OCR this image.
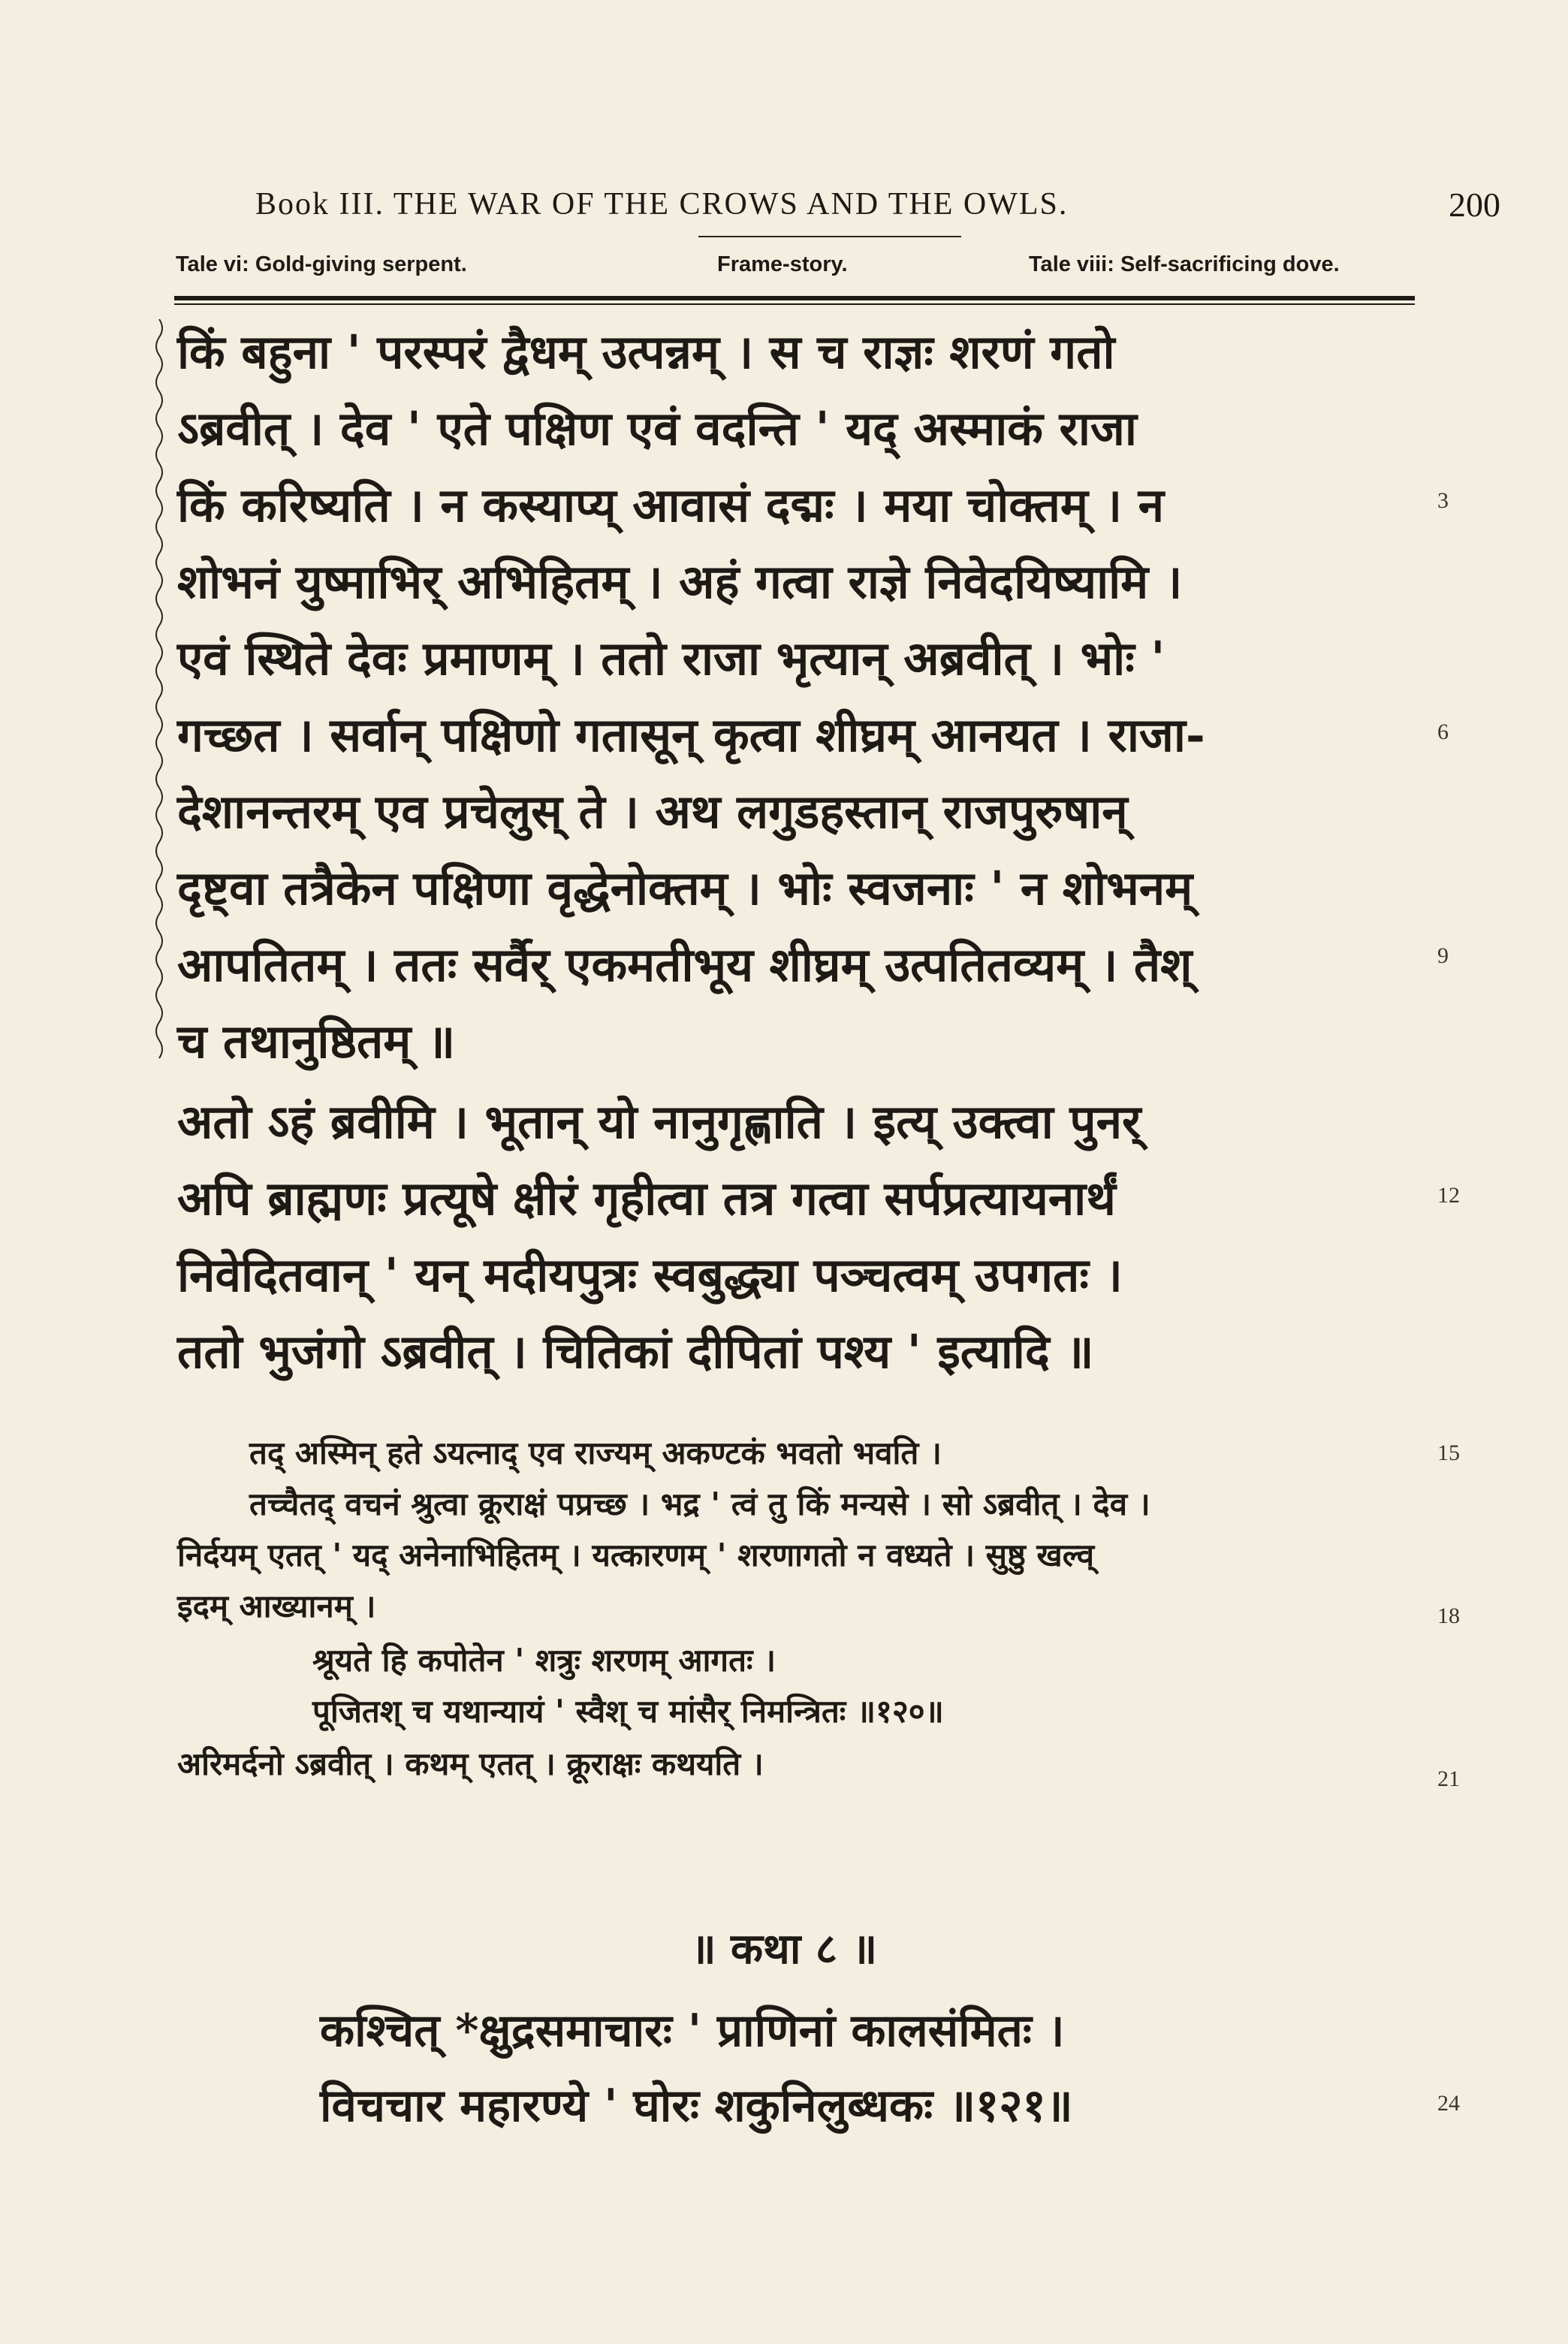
Book III. THE WAR OF THE CROWS AND THE OWLS.	200
Tale vi: Gold-giving serpent.	Frame-story.	Tale viii: Self-sacrificing dove.
किं बहुना ' परस्परं द्वैधम् उत्पन्नम् । स च राज्ञः शरणं गतो
ऽब्रवीत् । देव ' एते पक्षिण एवं वदन्ति ' यद् अस्माकं राजा
किं करिष्यति । न कस्याप्य् आवासं दद्मः । मया चोक्तम् । न
शोभनं युष्माभिर् अभिहितम् । अहं गत्वा राज्ञे निवेदयिष्यामि ।
एवं स्थिते देवः प्रमाणम् । ततो राजा भृत्यान् अब्रवीत् । भोः '
गच्छत । सर्वान् पक्षिणो गतासून् कृत्वा शीघ्रम् आनयत । राजा-
देशानन्तरम् एव प्रचेलुस् ते । अथ लगुडहस्तान् राजपुरुषान्
दृष्ट्वा तत्रैकेन पक्षिणा वृद्धेनोक्तम् । भोः स्वजनाः ' न शोभनम्
आपतितम् । ततः सर्वैर् एकमतीभूय शीघ्रम् उत्पतितव्यम् । तैश्
च तथानुष्ठितम् ॥
अतो ऽहं ब्रवीमि । भूतान् यो नानुगृह्णाति । इत्य् उक्त्वा पुनर्
अपि ब्राह्मणः प्रत्यूषे क्षीरं गृहीत्वा तत्र गत्वा सर्पप्रत्यायनार्थं
निवेदितवान् ' यन् मदीयपुत्रः स्वबुद्ध्या पञ्चत्वम् उपगतः ।
ततो भुजंगो ऽब्रवीत् । चितिकां दीपितां पश्य ' इत्यादि ॥
तद् अस्मिन् हते ऽयत्नाद् एव राज्यम् अकण्टकं भवतो भवति ।
तच्चैतद् वचनं श्रुत्वा क्रूराक्षं पप्रच्छ । भद्र ' त्वं तु किं मन्यसे । सो ऽब्रवीत् । देव ।
निर्दयम् एतत् ' यद् अनेनाभिहितम् । यत्कारणम् ' शरणागतो न वध्यते । सुष्ठु खल्व्
इदम् आख्यानम् ।
श्रूयते हि कपोतेन ' शत्रुः शरणम् आगतः ।
पूजितश् च यथान्यायं ' स्वैश् च मांसैर् निमन्त्रितः ॥१२०॥
अरिमर्दनो ऽब्रवीत् । कथम् एतत् । क्रूराक्षः कथयति ।
॥ कथा ८ ॥
कश्चित् *क्षुद्रसमाचारः ' प्राणिनां कालसंमितः ।
विचचार महारण्ये ' घोरः शकुनिलुब्धकः ॥१२१॥
3
6
9
12
15
18
21
24
